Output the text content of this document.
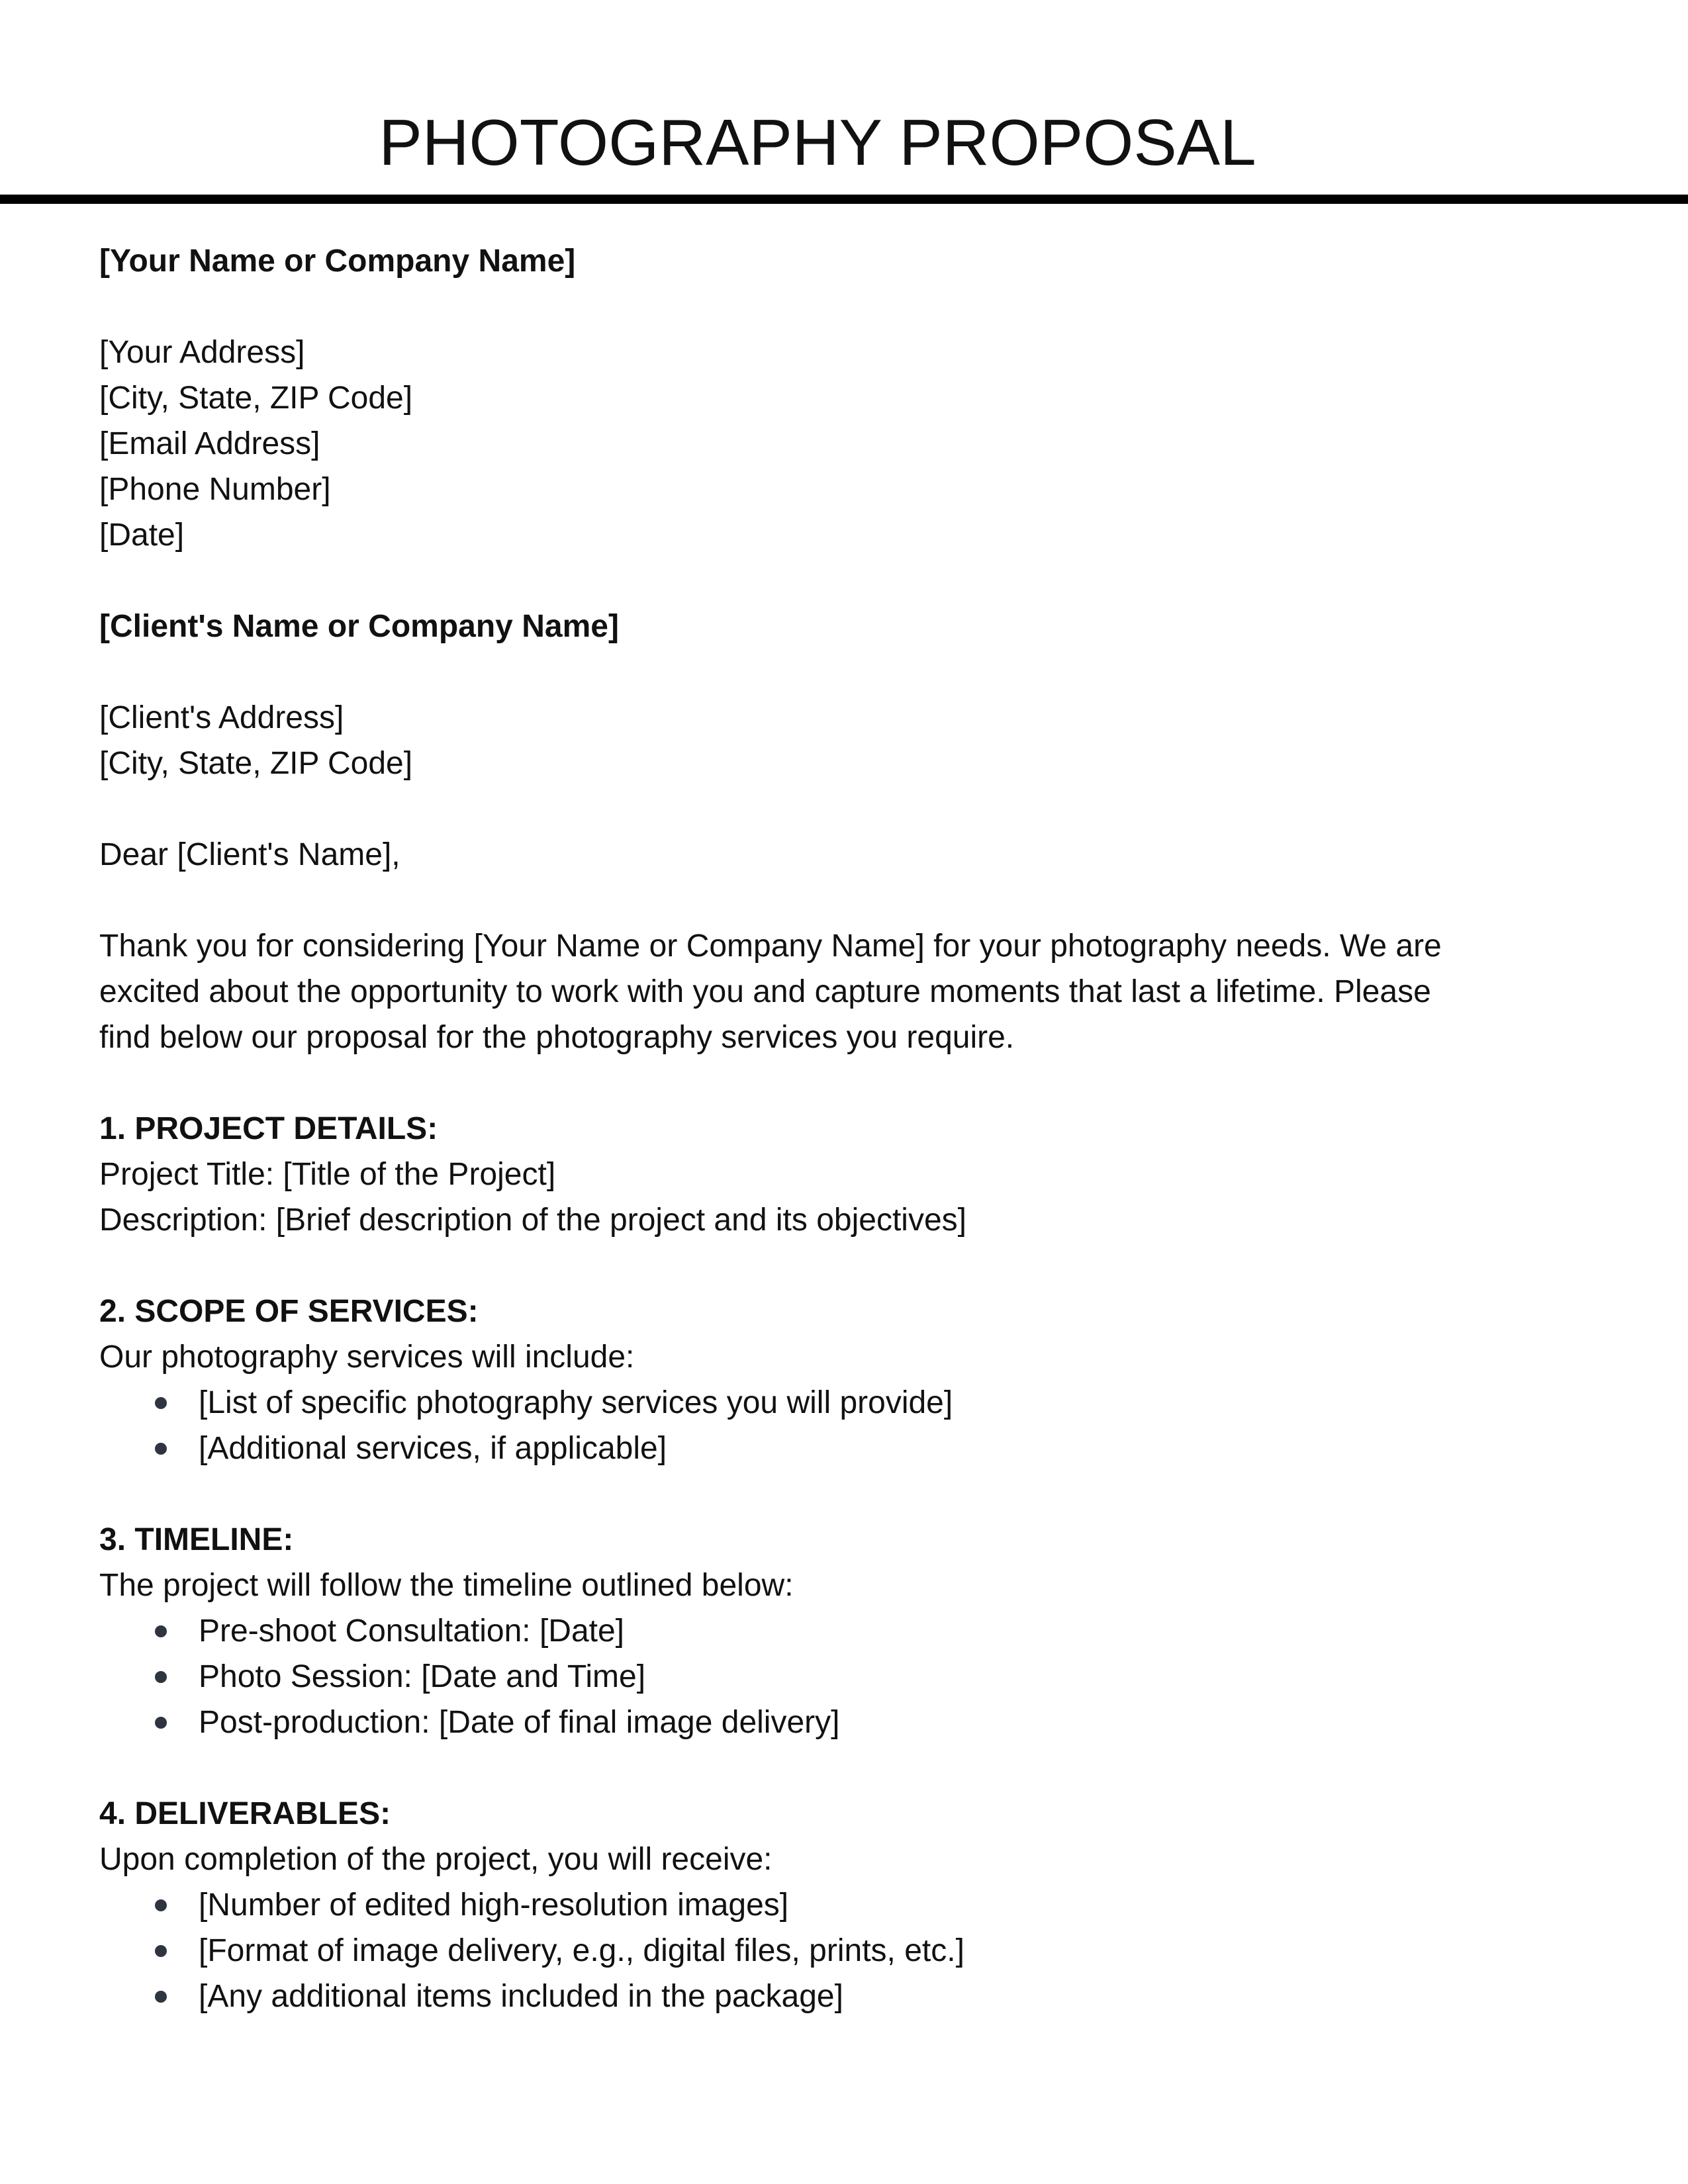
PHOTOGRAPHY PROPOSAL
[Your Name or Company Name]
[Your Address]
[City, State, ZIP Code]
[Email Address]
[Phone Number]
[Date]
[Client's Name or Company Name]
[Client's Address]
[City, State, ZIP Code]
Dear [Client's Name],
Thank you for considering [Your Name or Company Name] for your photography needs. We are
excited about the opportunity to work with you and capture moments that last a lifetime. Please
find below our proposal for the photography services you require.
1. PROJECT DETAILS:
Project Title: [Title of the Project]
Description: [Brief description of the project and its objectives]
2. SCOPE OF SERVICES:
Our photography services will include:
[List of specific photography services you will provide]
[Additional services, if applicable]
3. TIMELINE:
The project will follow the timeline outlined below:
Pre-shoot Consultation: [Date]
Photo Session: [Date and Time]
Post-production: [Date of final image delivery]
4. DELIVERABLES:
Upon completion of the project, you will receive:
[Number of edited high-resolution images]
[Format of image delivery, e.g., digital files, prints, etc.]
[Any additional items included in the package]
